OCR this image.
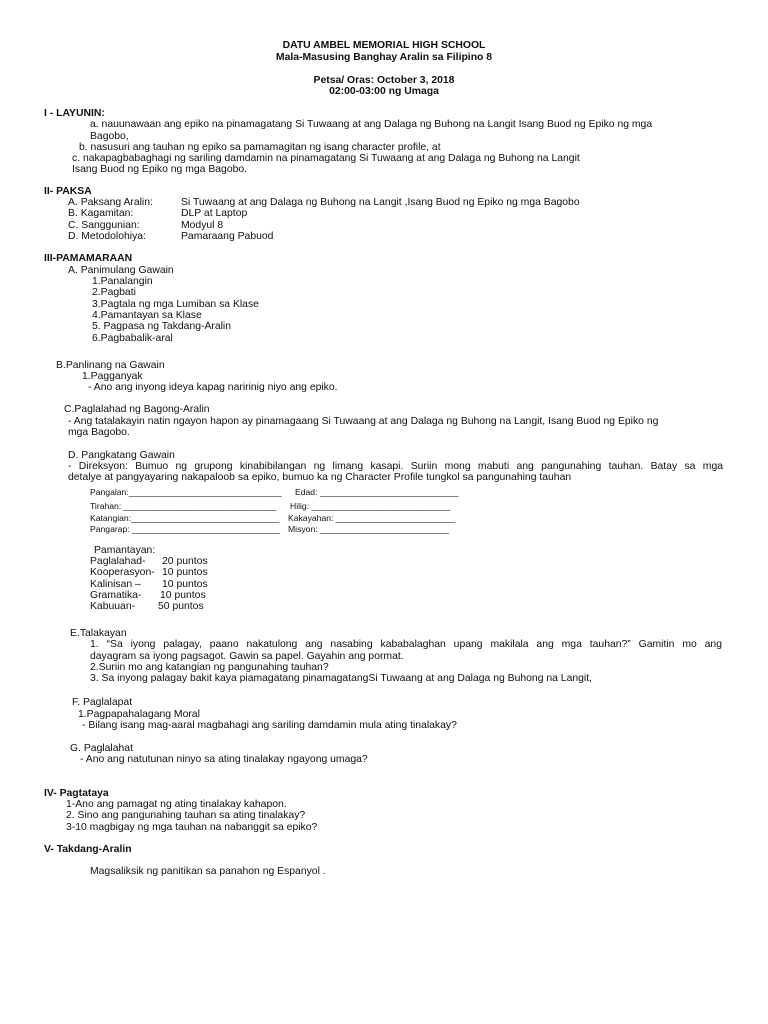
DATU AMBEL MEMORIAL HIGH SCHOOL

Mala-Masusing Banghay Aralin sa Filipino 8

Petsa/ Oras: October 3, 2018

02:00-03:00 ng Umaga

I - LAYUNIN:

a. nauunawaan ang epiko na pinamagatang Si Tuwaang at ang Dalaga ng Buhong na Langit Isang Buod ng Epiko ng mga

Bagobo,

b. nasusuri ang tauhan ng epiko sa pamamagitan ng isang character profile, at

c. nakapagbabaghagi ng sariling damdamin na pinamagatang Si Tuwaang at ang Dalaga ng Buhong na Langit

Isang Buod ng Epiko ng mga Bagobo.

II- PAKSA

A. Paksang Aralin:	Si Tuwaang at ang Dalaga ng Buhong na Langit ,Isang Buod ng Epiko ng mga Bagobo

B. Kagamitan:	DLP at Laptop

C. Sanggunian:	Modyul 8

D. Metodolohiya:	Pamaraang Pabuod

III-PAMAMARAAN

A. Panimulang Gawain

1.Panalangin

2.Pagbati

3.Pagtala ng mga Lumiban sa Klase

4.Pamantayan sa Klase

5. Pagpasa ng Takdang-Aralin

6.Pagbabalik-aral

B.Panlinang na Gawain

1.Pagganyak

- Ano ang inyong ideya kapag naririnig niyo ang epiko.

C.Paglalahad ng Bagong-Aralin

- Ang tatalakayin natin ngayon hapon ay pinamagaang Si Tuwaang at ang Dalaga ng Buhong na Langit, Isang Buod ng Epiko ng

mga Bagobo.

D. Pangkatang Gawain

- Direksyon: Bumuo ng grupong kinabibilangan ng limang kasapi. Suriin mong mabuti ang pangunahing tauhan. Batay sa mga

detalye at pangyayaring nakapaloob sa epiko, bumuo ka ng Character Profile tungkol sa pangunahing tauhan

Pangalan:________________________________ Edad: _____________________________

Tirahan: ________________________________ Hilig: _____________________________

Katangian:_______________________________ Kakayahan: _________________________

Pangarap: _______________________________ Misyon: ___________________________

Pamantayan:

Paglalahad- 20 puntos

Kooperasyon- 10 puntos

Kalinisan – 10 puntos

Gramatika- 10 puntos

Kabuuan- 50 puntos

E.Talakayan

1. “Sa iyong palagay, paano nakatulong ang nasabing kababalaghan upang makilala ang mga tauhan?” Gamitin mo ang

dayagram sa iyong pagsagot. Gawin sa papel. Gayahin ang pormat.

2.Suriin mo ang katangian ng pangunahing tauhan?

3. Sa inyong palagay bakit kaya piamagatang pinamagatangSi Tuwaang at ang Dalaga ng Buhong na Langit,

F. Paglalapat

1.Pagpapahalagang Moral

- Bilang isang mag-aaral magbahagi ang sariling damdamin mula ating tinalakay?

G. Paglalahat

- Ano ang natutunan ninyo sa ating tinalakay ngayong umaga?

IV- Pagtataya

1-Ano ang pamagat ng ating tinalakay kahapon.

2. Sino ang pangunahing tauhan sa ating tinalakay?

3-10 magbigay ng mga tauhan na nabanggit sa epiko?

V- Takdang-Aralin

Magsaliksik ng panitikan sa panahon ng Espanyol .
